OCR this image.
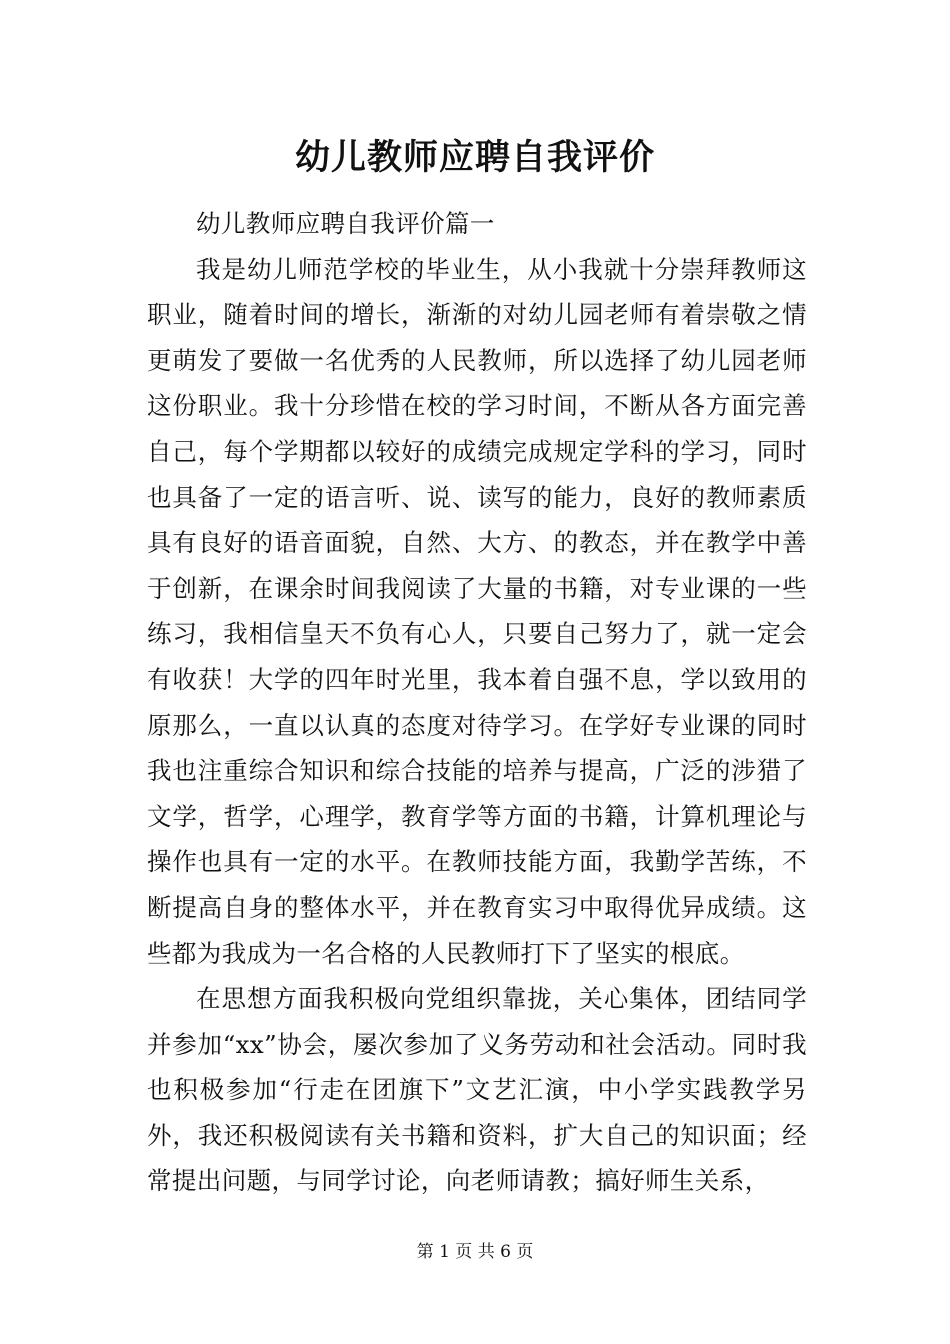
幼儿教师应聘自我评价

幼儿教师应聘自我评价篇一

我是幼儿师范学校的毕业生，从小我就十分崇拜教师这职业，随着时间的增长，渐渐的对幼儿园老师有着崇敬之情更萌发了要做一名优秀的人民教师，所以选择了幼儿园老师这份职业。我十分珍惜在校的学习时间，不断从各方面完善自己，每个学期都以较好的成绩完成规定学科的学习，同时也具备了一定的语言听、说、读写的能力，良好的教师素质具有良好的语音面貌，自然、大方、的教态，并在教学中善于创新，在课余时间我阅读了大量的书籍，对专业课的一些练习，我相信皇天不负有心人，只要自己努力了，就一定会有收获！大学的四年时光里，我本着自强不息，学以致用的原那么，一直以认真的态度对待学习。在学好专业课的同时我也注重综合知识和综合技能的培养与提高，广泛的涉猎了文学，哲学，心理学，教育学等方面的书籍，计算机理论与操作也具有一定的水平。在教师技能方面，我勤学苦练，不断提高自身的整体水平，并在教育实习中取得优异成绩。这些都为我成为一名合格的人民教师打下了坚实的根底。

在思想方面我积极向党组织靠拢，关心集体，团结同学并参加“xx”协会，屡次参加了义务劳动和社会活动。同时我也积极参加“行走在团旗下”文艺汇演，中小学实践教学另外，我还积极阅读有关书籍和资料，扩大自己的知识面；经常提出问题，与同学讨论，向老师请教；搞好师生关系，

第 1 页 共 6 页
